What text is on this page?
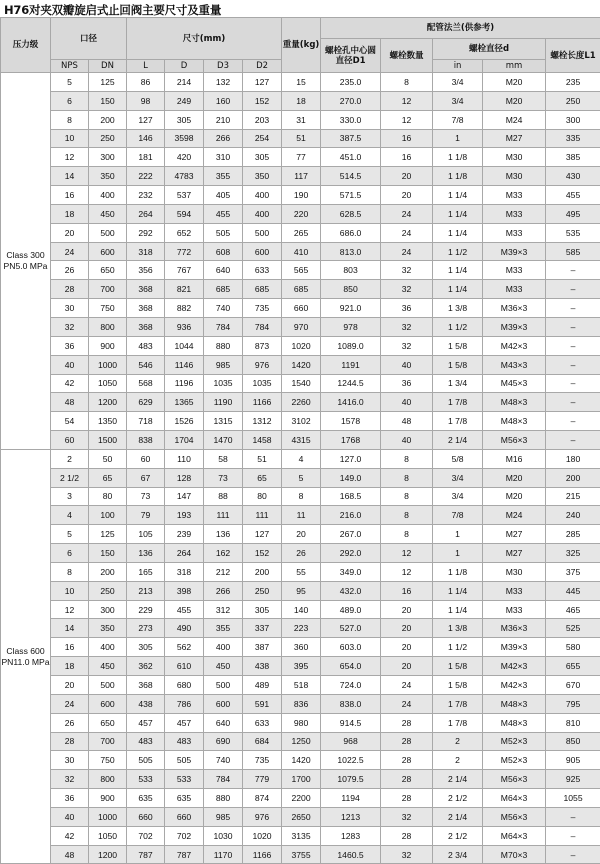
H76对夹双瓣旋启式止回阀主要尺寸及重量
压力级	口径		尺寸(mm)				重量(kg)	配管法兰(供参考)				
								螺栓孔中心圆直径D1	螺栓数量	螺栓直径d		螺栓长度L1
	NPS	DN	L	D	D3	D2				in	mm	
Class 300 PN5.0 MPa	5	125	86	214	132	127	15	235.0	8	3/4	M20	235
	6	150	98	249	160	152	18	270.0	12	3/4	M20	250
	8	200	127	305	210	203	31	330.0	12	7/8	M24	300
	10	250	146	3598	266	254	51	387.5	16	1	M27	335
	12	300	181	420	310	305	77	451.0	16	1 1/8	M30	385
	14	350	222	4783	355	350	117	514.5	20	1 1/8	M30	430
	16	400	232	537	405	400	190	571.5	20	1 1/4	M33	455
	18	450	264	594	455	400	220	628.5	24	1 1/4	M33	495
	20	500	292	652	505	500	265	686.0	24	1 1/4	M33	535
	24	600	318	772	608	600	410	813.0	24	1 1/2	M39×3	585
	26	650	356	767	640	633	565	803	32	1 1/4	M33	–
	28	700	368	821	685	685	685	850	32	1 1/4	M33	–
	30	750	368	882	740	735	660	921.0	36	1 3/8	M36×3	–
	32	800	368	936	784	784	970	978	32	1 1/2	M39×3	–
	36	900	483	1044	880	873	1020	1089.0	32	1 5/8	M42×3	–
	40	1000	546	1146	985	976	1420	1191	40	1 5/8	M43×3	–
	42	1050	568	1196	1035	1035	1540	1244.5	36	1 3/4	M45×3	–
	48	1200	629	1365	1190	1166	2260	1416.0	40	1 7/8	M48×3	–
	54	1350	718	1526	1315	1312	3102	1578	48	1 7/8	M48×3	–
	60	1500	838	1704	1470	1458	4315	1768	40	2 1/4	M56×3	–
Class 600 PN11.0 MPa	2	50	60	110	58	51	4	127.0	8	5/8	M16	180
	2 1/2	65	67	128	73	65	5	149.0	8	3/4	M20	200
	3	80	73	147	88	80	8	168.5	8	3/4	M20	215
	4	100	79	193	111	111	11	216.0	8	7/8	M24	240
	5	125	105	239	136	127	20	267.0	8	1	M27	285
	6	150	136	264	162	152	26	292.0	12	1	M27	325
	8	200	165	318	212	200	55	349.0	12	1 1/8	M30	375
	10	250	213	398	266	250	95	432.0	16	1 1/4	M33	445
	12	300	229	455	312	305	140	489.0	20	1 1/4	M33	465
	14	350	273	490	355	337	223	527.0	20	1 3/8	M36×3	525
	16	400	305	562	400	387	360	603.0	20	1 1/2	M39×3	580
	18	450	362	610	450	438	395	654.0	20	1 5/8	M42×3	655
	20	500	368	680	500	489	518	724.0	24	1 5/8	M42×3	670
	24	600	438	786	600	591	836	838.0	24	1 7/8	M48×3	795
	26	650	457	457	640	633	980	914.5	28	1 7/8	M48×3	810
	28	700	483	483	690	684	1250	968	28	2	M52×3	850
	30	750	505	505	740	735	1420	1022.5	28	2	M52×3	905
	32	800	533	533	784	779	1700	1079.5	28	2 1/4	M56×3	925
	36	900	635	635	880	874	2200	1194	28	2 1/2	M64×3	1055
	40	1000	660	660	985	976	2650	1213	32	2 1/4	M56×3	–
	42	1050	702	702	1030	1020	3135	1283	28	2 1/2	M64×3	–
	48	1200	787	787	1170	1166	3755	1460.5	32	2 3/4	M70×3	–
